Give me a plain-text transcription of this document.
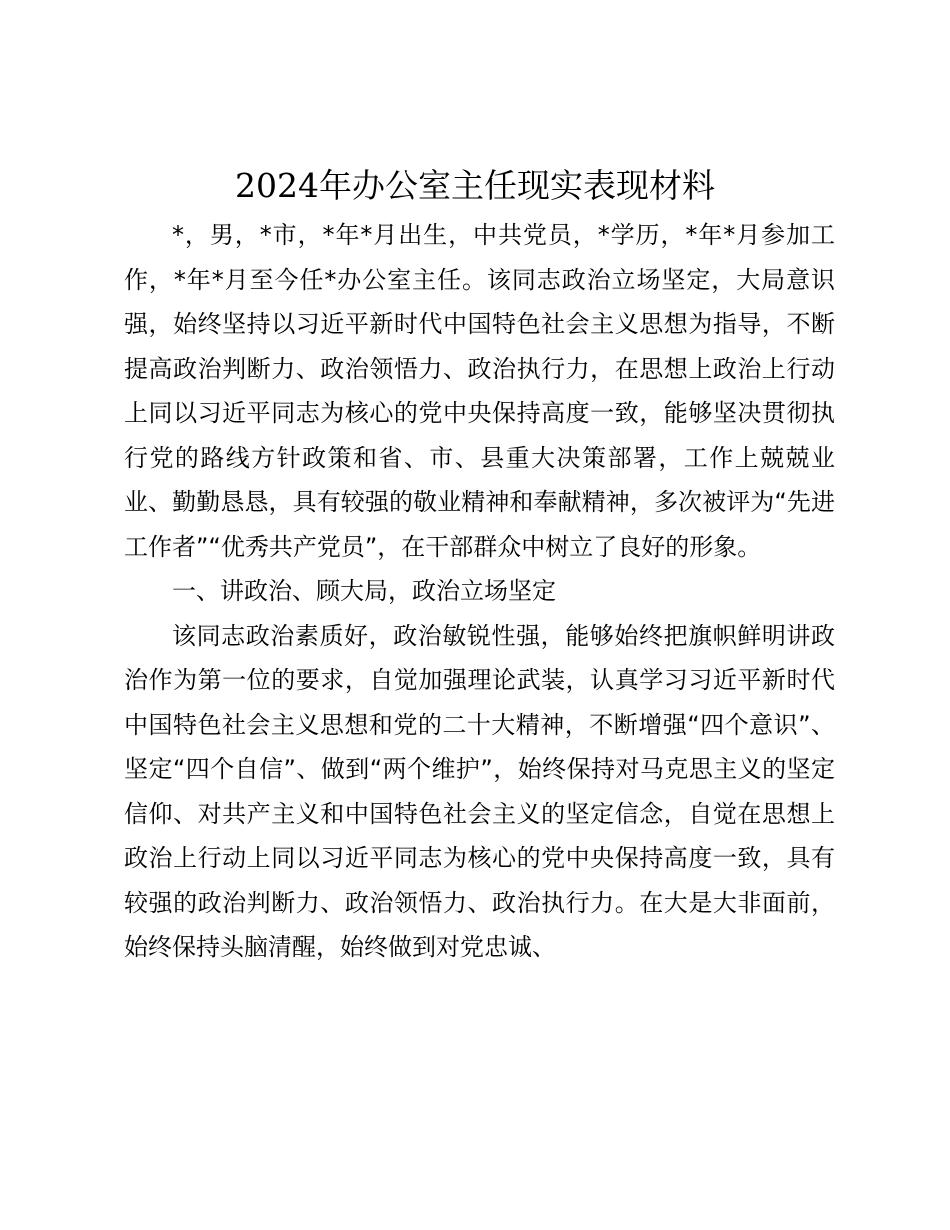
2024年办公室主任现实表现材料

*，男，*市，*年*月出生，中共党员，*学历，*年*月参加工作，*年*月至今任*办公室主任。该同志政治立场坚定，大局意识强，始终坚持以习近平新时代中国特色社会主义思想为指导，不断提高政治判断力、政治领悟力、政治执行力，在思想上政治上行动上同以习近平同志为核心的党中央保持高度一致，能够坚决贯彻执行党的路线方针政策和省、市、县重大决策部署，工作上兢兢业业、勤勤恳恳，具有较强的敬业精神和奉献精神，多次被评为“先进工作者”“优秀共产党员”，在干部群众中树立了良好的形象。

一、讲政治、顾大局，政治立场坚定

该同志政治素质好，政治敏锐性强，能够始终把旗帜鲜明讲政治作为第一位的要求，自觉加强理论武装，认真学习习近平新时代中国特色社会主义思想和党的二十大精神，不断增强“四个意识”、坚定“四个自信”、做到“两个维护”，始终保持对马克思主义的坚定信仰、对共产主义和中国特色社会主义的坚定信念，自觉在思想上政治上行动上同以习近平同志为核心的党中央保持高度一致，具有较强的政治判断力、政治领悟力、政治执行力。在大是大非面前，始终保持头脑清醒，始终做到对党忠诚、
